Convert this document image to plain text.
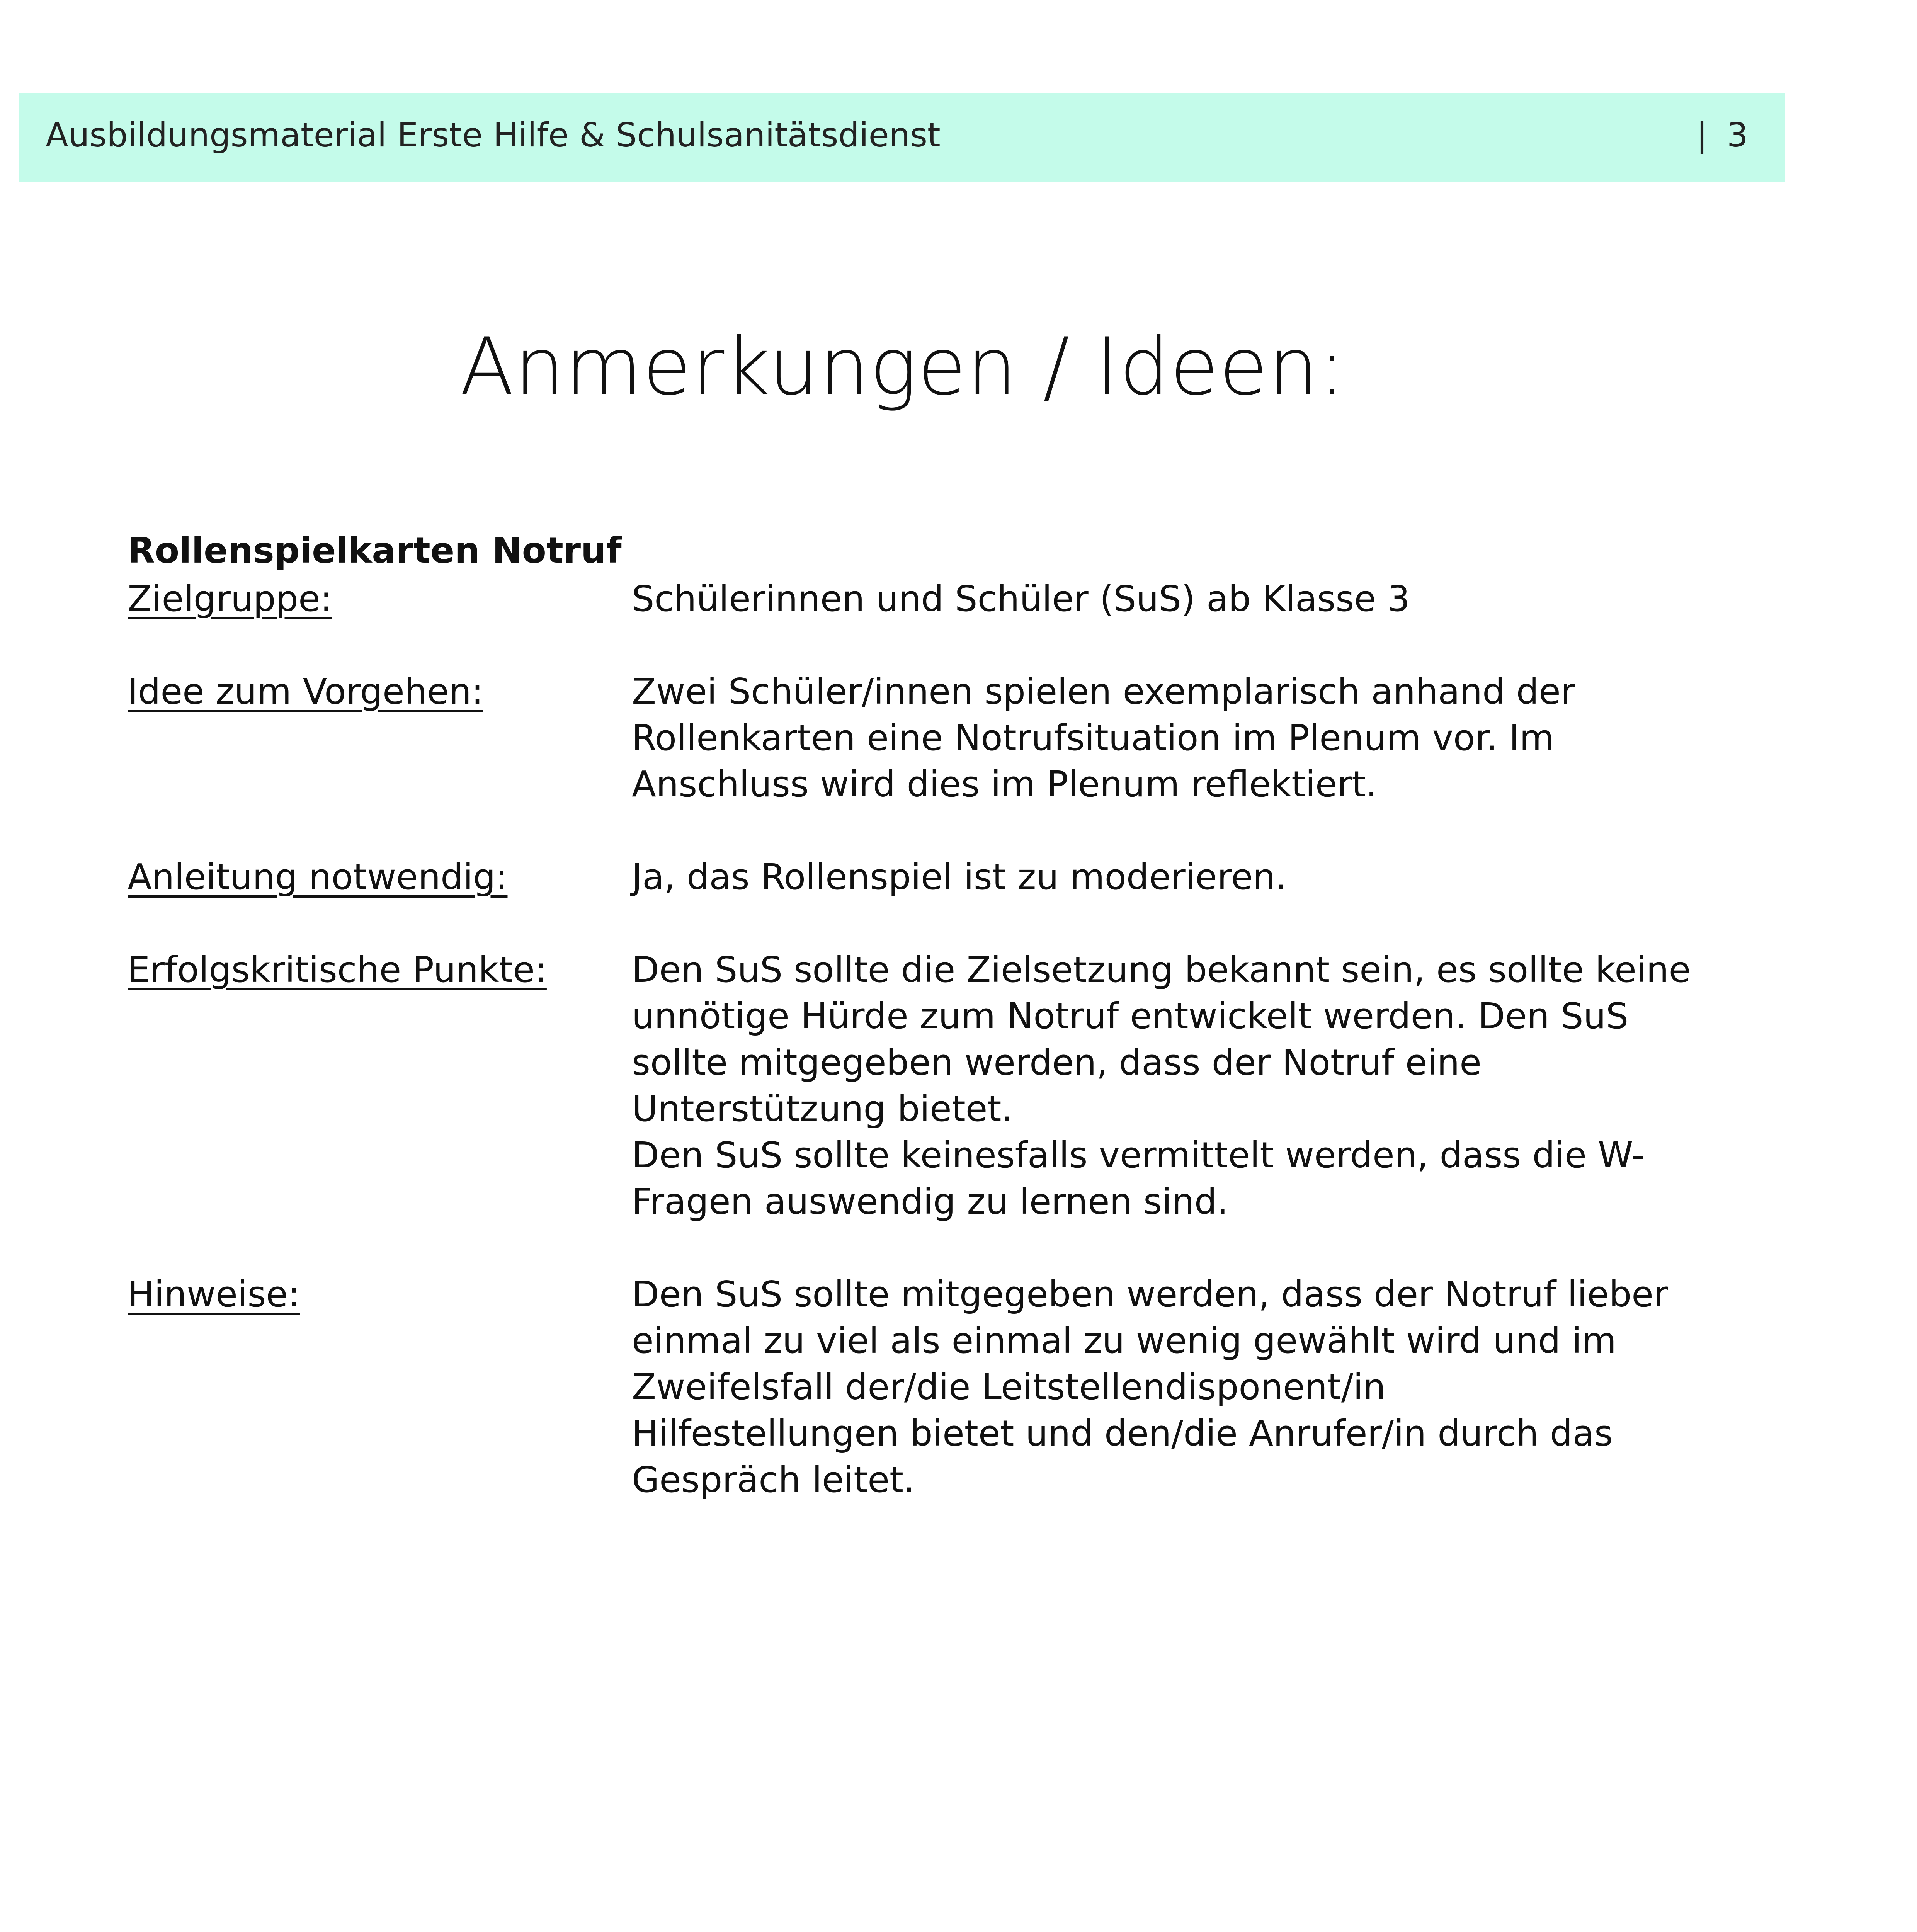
Ausbildungsmaterial Erste Hilfe & Schulsanitätsdienst	| 3
Anmerkungen / Ideen:
Rollenspielkarten Notruf
Zielgruppe:	Schülerinnen und Schüler (SuS) ab Klasse 3
Idee zum Vorgehen:	Zwei Schüler/innen spielen exemplarisch anhand der
Rollenkarten eine Notrufsituation im Plenum vor. Im
Anschluss wird dies im Plenum reflektiert.
Anleitung notwendig:	Ja, das Rollenspiel ist zu moderieren.
Erfolgskritische Punkte: Den SuS sollte die Zielsetzung bekannt sein, es sollte keine
unnötige Hürde zum Notruf entwickelt werden. Den SuS
sollte mitgegeben werden, dass der Notruf eine
Unterstützung bietet.
Den SuS sollte keinesfalls vermittelt werden, dass die W-
Fragen auswendig zu lernen sind.
Hinweise:	Den SuS sollte mitgegeben werden, dass der Notruf lieber
einmal zu viel als einmal zu wenig gewählt wird und im
Zweifelsfall der/die Leitstellendisponent/in
Hilfestellungen bietet und den/die Anrufer/in durch das
Gespräch leitet.
